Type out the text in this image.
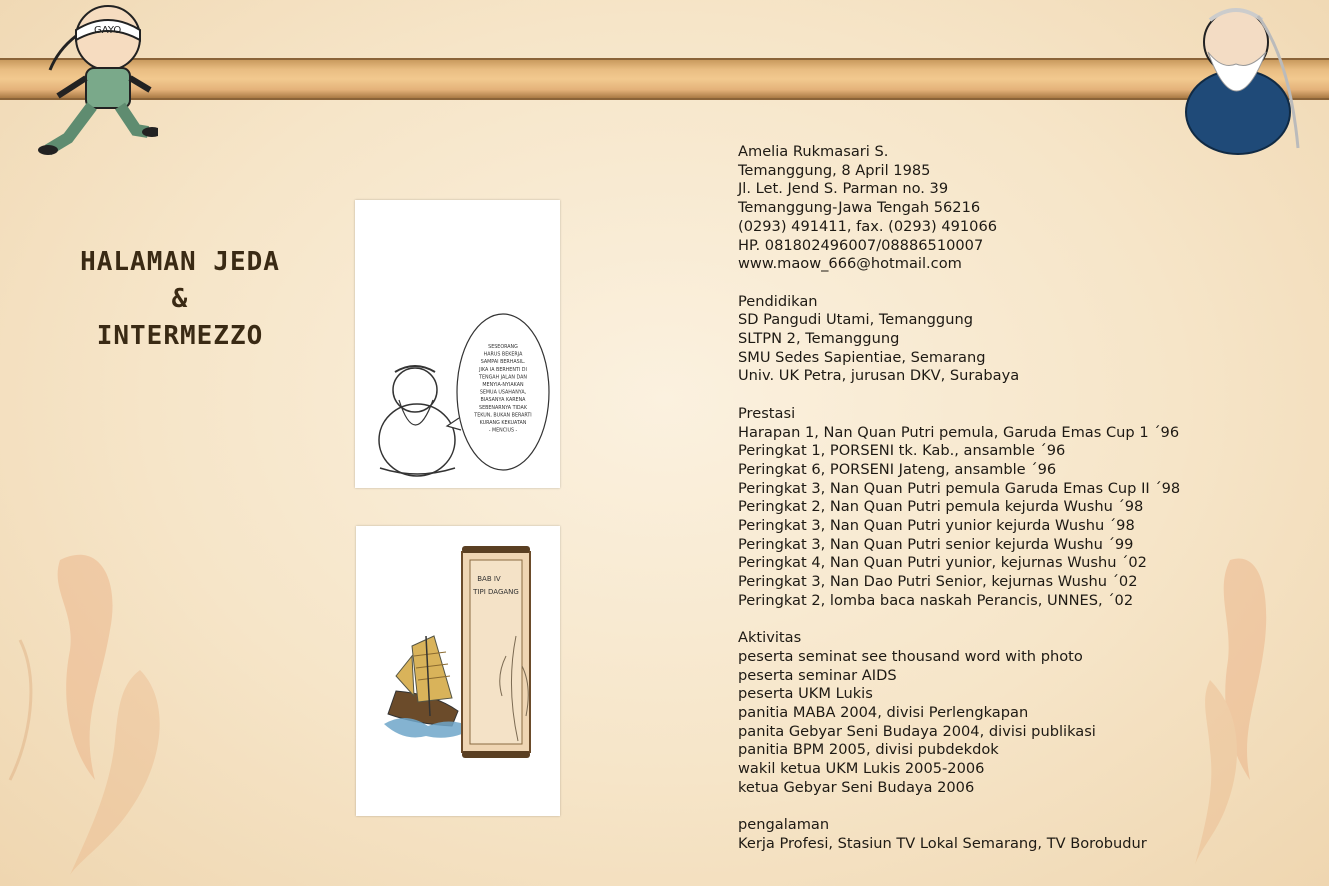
GAYO
HALAMAN JEDA
&
INTERMEZZO	SESEORANG
HARUS BEKERJA
SAMPAI BERHASIL.
JIKA IA BERHENTI DI
TENGAH JALAN DAN
MENYIA-NYIAKAN
SEMUA USAHANYA,
BIASANYA KARENA
SEBENARNYA TIDAK
TEKUN, BUKAN BERARTI
KURANG KEKUATAN
- MENCIUS -
BAB IV
TIPI DAGANG
Amelia Rukmasari S.
Temanggung, 8 April 1985
Jl. Let. Jend S. Parman no. 39
Temanggung-Jawa Tengah 56216
(0293) 491411, fax. (0293) 491066
HP. 081802496007/08886510007
www.maow_666@hotmail.com
Pendidikan
SD Pangudi Utami, Temanggung
SLTPN 2, Temanggung
SMU Sedes Sapientiae, Semarang
Univ. UK Petra, jurusan DKV, Surabaya
Prestasi
Harapan 1, Nan Quan Putri pemula, Garuda Emas Cup 1 ´96
Peringkat 1, PORSENI tk. Kab., ansamble ´96
Peringkat 6, PORSENI Jateng, ansamble ´96
Peringkat 3, Nan Quan Putri pemula Garuda Emas Cup II ´98
Peringkat 2, Nan Quan Putri pemula kejurda Wushu ´98
Peringkat 3, Nan Quan Putri yunior kejurda Wushu ´98
Peringkat 3, Nan Quan Putri senior kejurda Wushu ´99
Peringkat 4, Nan Quan Putri yunior, kejurnas Wushu ´02
Peringkat 3, Nan Dao Putri Senior, kejurnas Wushu ´02
Peringkat 2, lomba baca naskah Perancis, UNNES, ´02
Aktivitas
peserta seminat see thousand word with photo
peserta seminar AIDS
peserta UKM Lukis
panitia MABA 2004, divisi Perlengkapan
panita Gebyar Seni Budaya 2004, divisi publikasi
panitia BPM 2005, divisi pubdekdok
wakil ketua UKM Lukis 2005-2006
ketua Gebyar Seni Budaya 2006
pengalaman
Kerja Profesi, Stasiun TV Lokal Semarang, TV Borobudur
